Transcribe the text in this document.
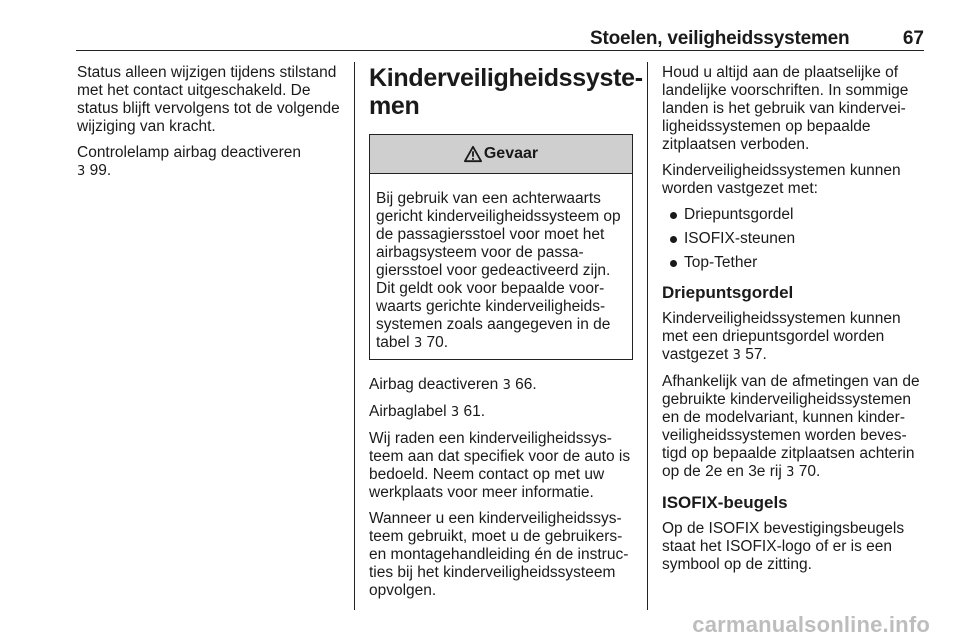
Stoelen, veiligheidssystemen	67

Status alleen wijzigen tijdens stilstand met het contact uitgeschakeld. De status blijft vervolgens tot de volgende wijziging van kracht.

Controlelamp airbag deactiveren
3 99.

Kinderveiligheidssyste-men
Gevaar
Bij gebruik van een achterwaarts gericht kinderveiligheidssysteem op de passagiersstoel voor moet het airbagsysteem voor de passa-giersstoel voor gedeactiveerd zijn. Dit geldt ook voor bepaalde voor-waarts gerichte kinderveiligheids-systemen zoals aangegeven in de tabel 3 70.

Airbag deactiveren 3 66.

Airbaglabel 3 61.

Wij raden een kinderveiligheidssys-teem aan dat specifiek voor de auto is bedoeld. Neem contact op met uw werkplaats voor meer informatie.

Wanneer u een kinderveiligheidssys-teem gebruikt, moet u de gebruikers-en montagehandleiding én de instruc-ties bij het kinderveiligheidssysteem opvolgen.

Houd u altijd aan de plaatselijke of landelijke voorschriften. In sommige landen is het gebruik van kindervei-ligheidssystemen op bepaalde zitplaatsen verboden.

Kinderveiligheidssystemen kunnen worden vastgezet met:

Driepuntsgordel
ISOFIX-steunen
Top-Tether
Driepuntsgordel

Kinderveiligheidssystemen kunnen met een driepuntsgordel worden vastgezet 3 57.

Afhankelijk van de afmetingen van de gebruikte kinderveiligheidssystemen en de modelvariant, kunnen kinder-veiligheidssystemen worden beves-tigd op bepaalde zitplaatsen achterin op de 2e en 3e rij 3 70.

ISOFIX-beugels

Op de ISOFIX bevestigingsbeugels staat het ISOFIX-logo of er is een symbool op de zitting.

carmanualsonline.info
